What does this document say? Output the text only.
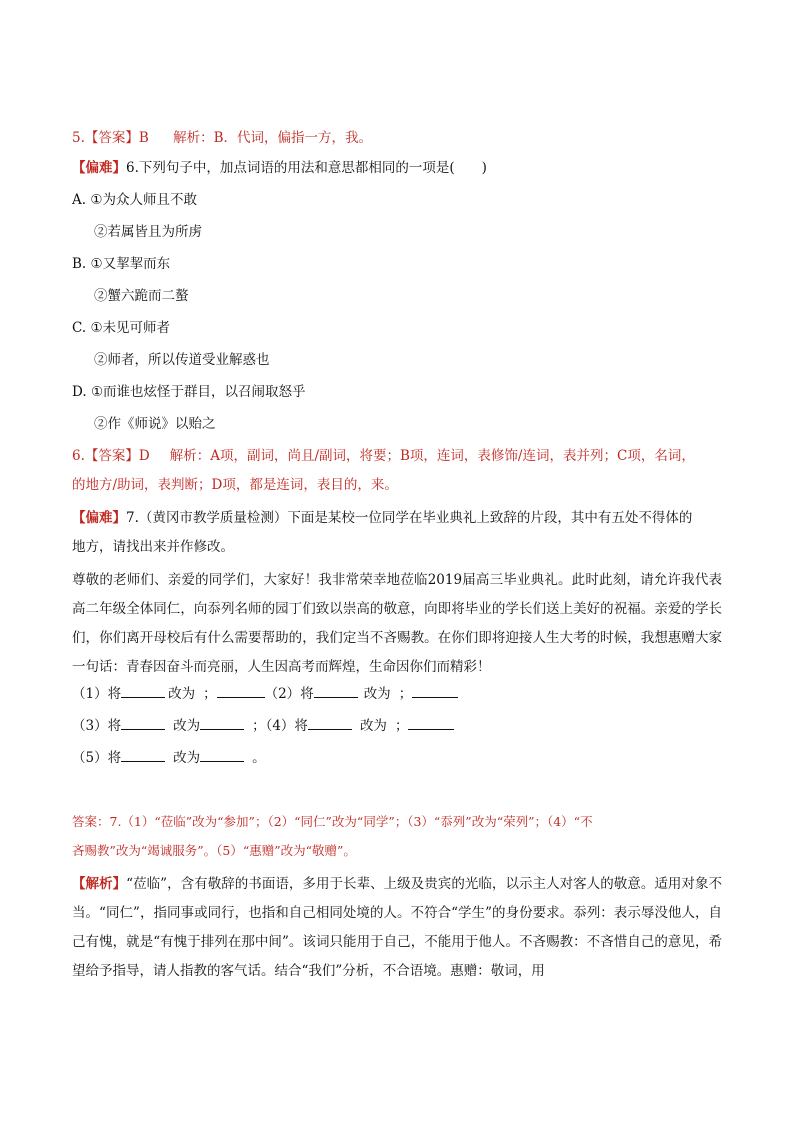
5.【答案】B 解析：B．代词，偏指一方，我。
【偏难】6.下列句子中，加点词语的用法和意思都相同的一项是(　　)
A. ①为众人师且不敢
②若属皆且为所虏
B. ①又挈挈而东
②蟹六跪而二螯
C. ①未见可师者
②师者，所以传道受业解惑也
D. ①而谁也炫怪于群目，以召闹取怒乎
②作《师说》以贻之
6.【答案】D 解析：A项，副词，尚且/副词，将要；B项，连词，表修饰/连词，表并列；C项，名词，
的地方/助词，表判断；D项，都是连词，表目的，来。
【偏难】7.（黄冈市教学质量检测）下面是某校一位同学在毕业典礼上致辞的片段，其中有五处不得体的
地方，请找出来并作修改。
尊敬的老师们、亲爱的同学们，大家好！我非常荣幸地莅临2019届高三毕业典礼。此时此刻，请允许我代表高二年级全体同仁，向忝列名师的园丁们致以崇高的敬意，向即将毕业的学长们送上美好的祝福。亲爱的学长们，你们离开母校后有什么需要帮助的，我们定当不吝赐教。在你们即将迎接人生大考的时候，我想惠赠大家一句话：青春因奋斗而亮丽，人生因高考而辉煌，生命因你们而精彩！
（1）将	改为 ；	（2）将	改为 ；
（3）将	改为	；（4）将	改为 ；
（5）将	改为	。
答案：7.（1）“莅临”改为“参加”；（2）“同仁”改为“同学”；（3）“忝列”改为“荣列”；（4）“不
吝赐教”改为“竭诚服务”。（5）“惠赠”改为“敬赠”。
【解析】“莅临”，含有敬辞的书面语，多用于长辈、上级及贵宾的光临，以示主人对客人的敬意。适用对象不当。“同仁”，指同事或同行，也指和自己相同处境的人。不符合“学生”的身份要求。忝列：表示辱没他人，自己有愧，就是“有愧于排列在那中间”。该词只能用于自己，不能用于他人。不吝赐教：不吝惜自己的意见，希望给予指导，请人指教的客气话。结合“我们”分析，不合语境。惠赠：敬词，用
